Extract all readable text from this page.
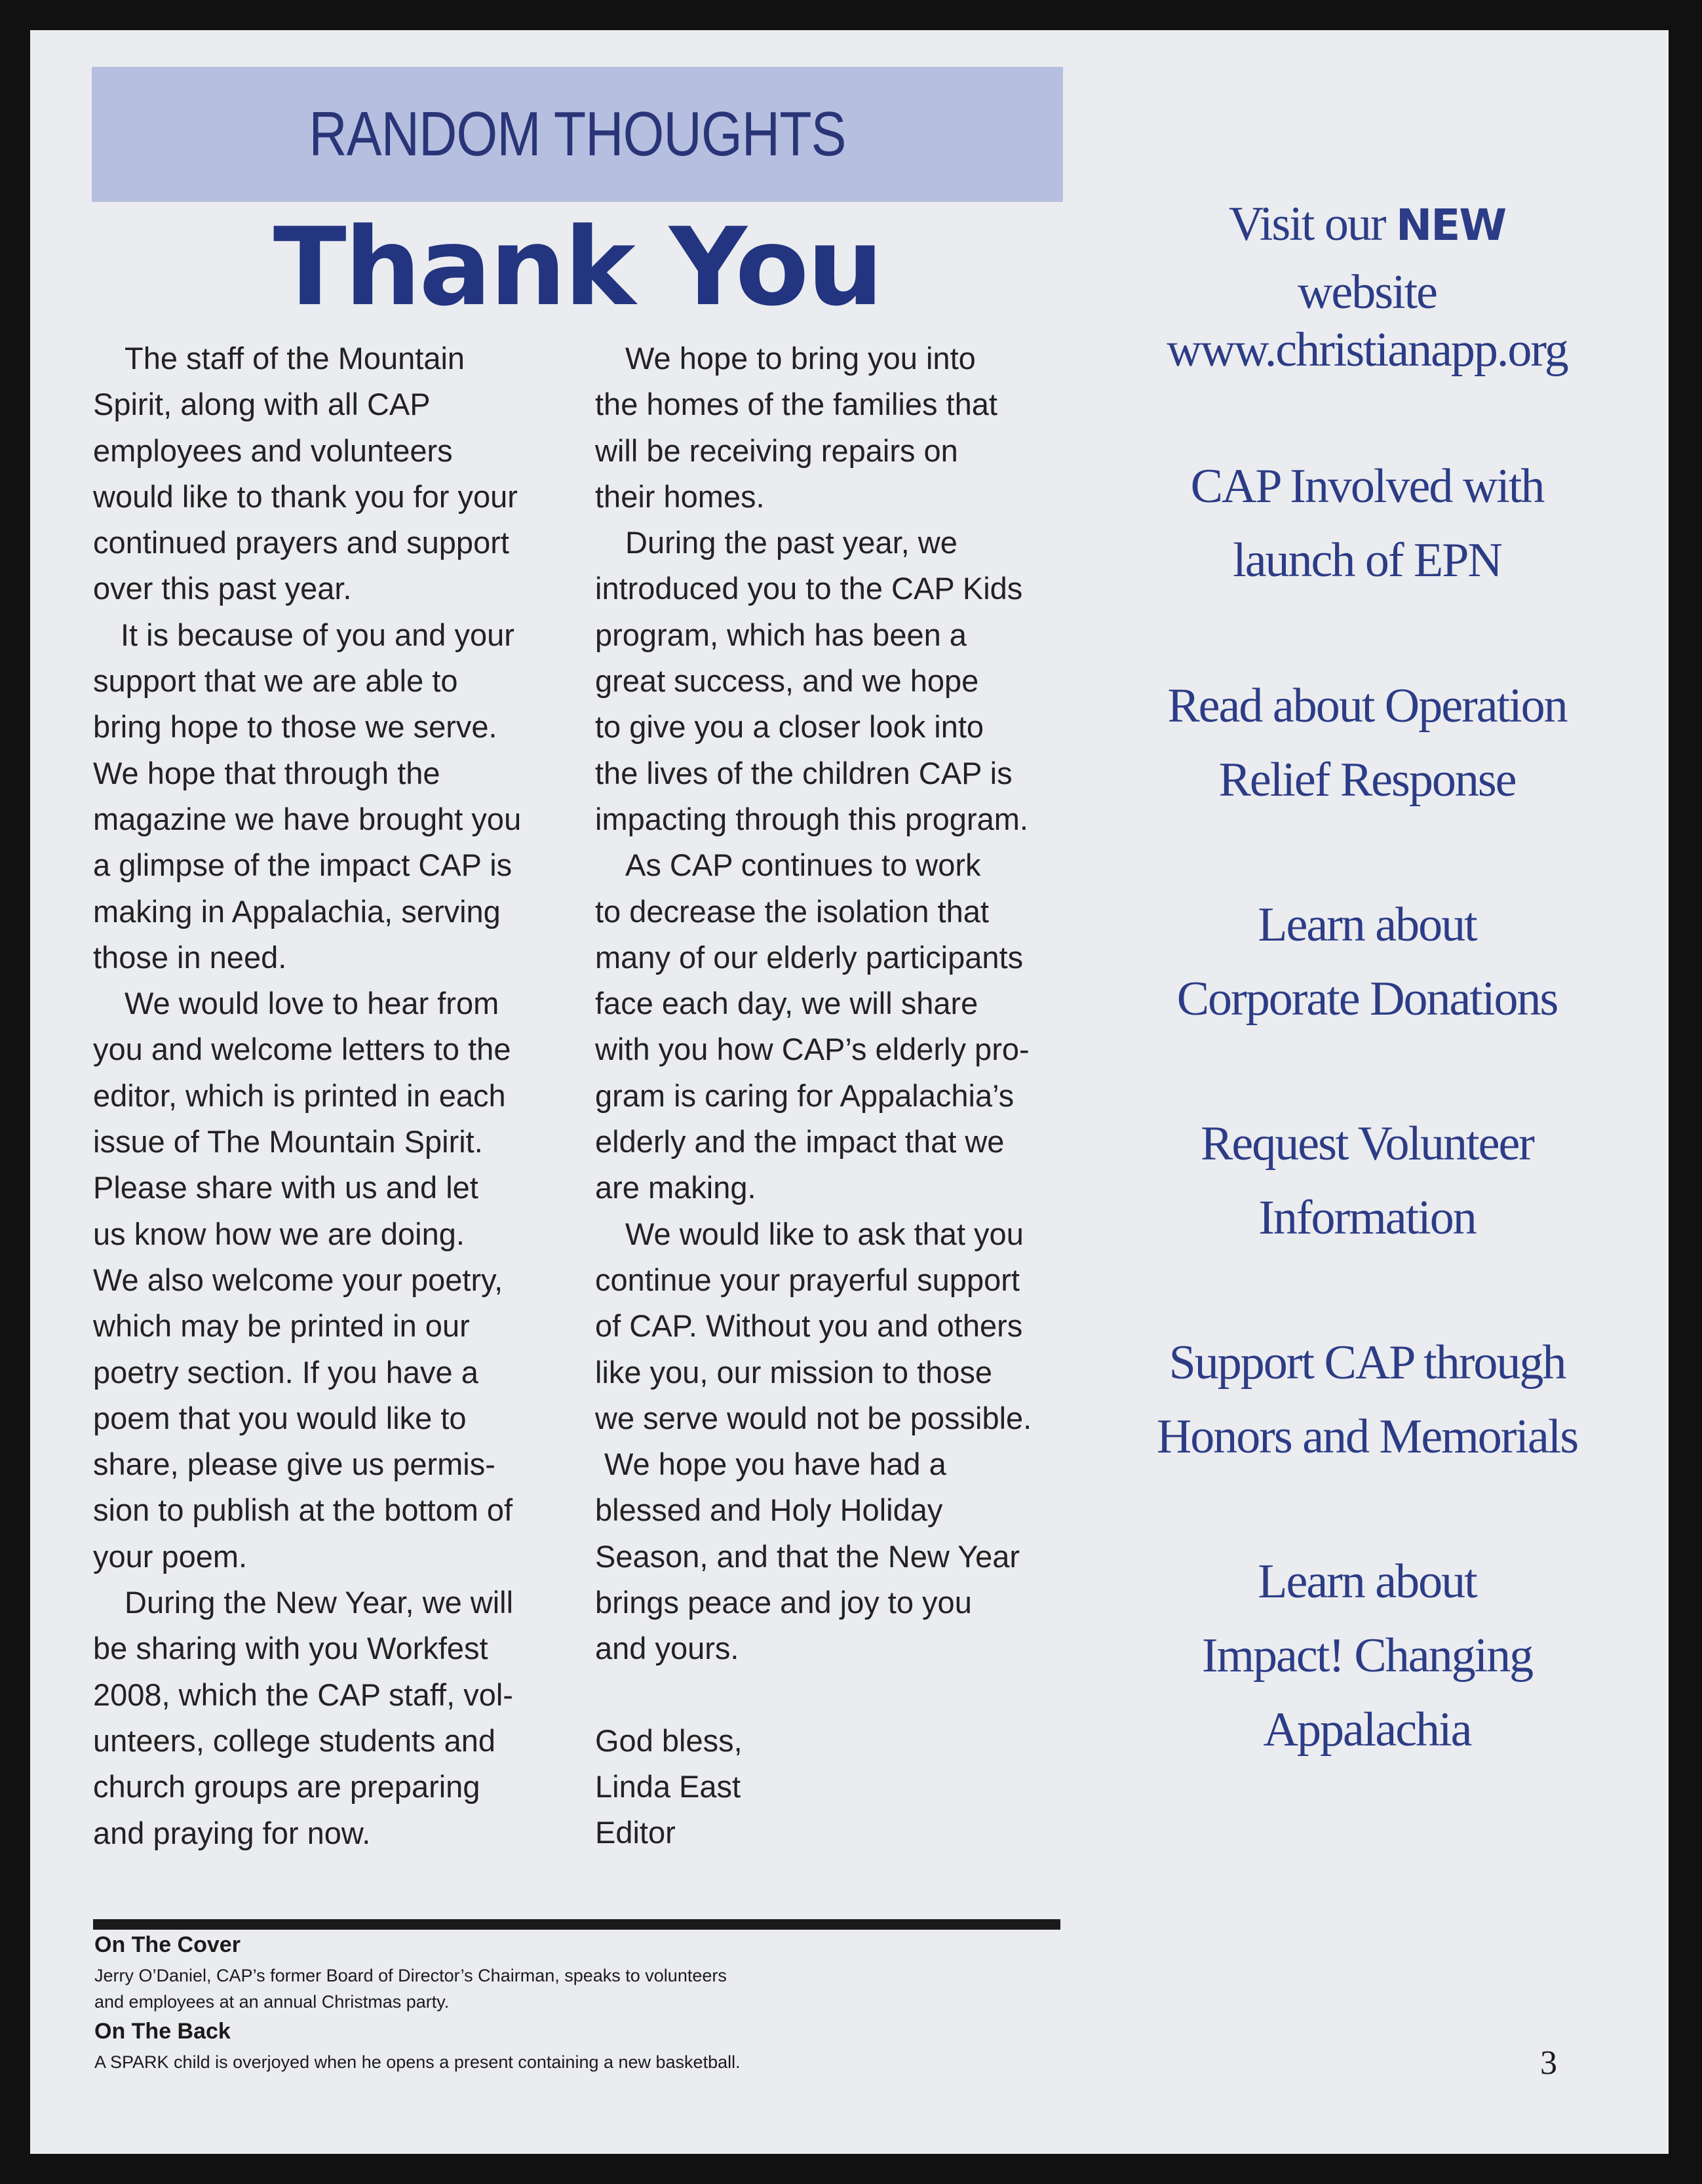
RANDOM THOUGHTS
Thank You
The staff of the Mountain
Spirit, along with all CAP
employees and volunteers
would like to thank you for your
continued prayers and support
over this past year.
It is because of you and your
support that we are able to
bring hope to those we serve.
We hope that through the
magazine we have brought you
a glimpse of the impact CAP is
making in Appalachia, serving
those in need.
We would love to hear from
you and welcome letters to the
editor, which is printed in each
issue of The Mountain Spirit.
Please share with us and let
us know how we are doing.
We also welcome your poetry,
which may be printed in our
poetry section. If you have a
poem that you would like to
share, please give us permis-
sion to publish at the bottom of
your poem.
During the New Year, we will
be sharing with you Workfest
2008, which the CAP staff, vol-
unteers, college students and
church groups are preparing
and praying for now.
We hope to bring you into
the homes of the families that
will be receiving repairs on
their homes.
During the past year, we
introduced you to the CAP Kids
program, which has been a
great success, and we hope
to give you a closer look into
the lives of the children CAP is
impacting through this program.
As CAP continues to work
to decrease the isolation that
many of our elderly participants
face each day, we will share
with you how CAP’s elderly pro-
gram is caring for Appalachia’s
elderly and the impact that we
are making.
We would like to ask that you
continue your prayerful support
of CAP. Without you and others
like you, our mission to those
we serve would not be possible.
We hope you have had a
blessed and Holy Holiday
Season, and that the New Year
brings peace and joy to you
and yours.
God bless,
Linda East
Editor
Visit our NEW
website
www.christianapp.org
CAP Involved with
launch of EPN
Read about Operation
Relief Response
Learn about
Corporate Donations
Request Volunteer
Information
Support CAP through
Honors and Memorials
Learn about
Impact! Changing
Appalachia
On The Cover
Jerry O’Daniel, CAP’s former Board of Director’s Chairman, speaks to volunteers
and employees at an annual Christmas party.
On The Back
A SPARK child is overjoyed when he opens a present containing a new basketball.	3
